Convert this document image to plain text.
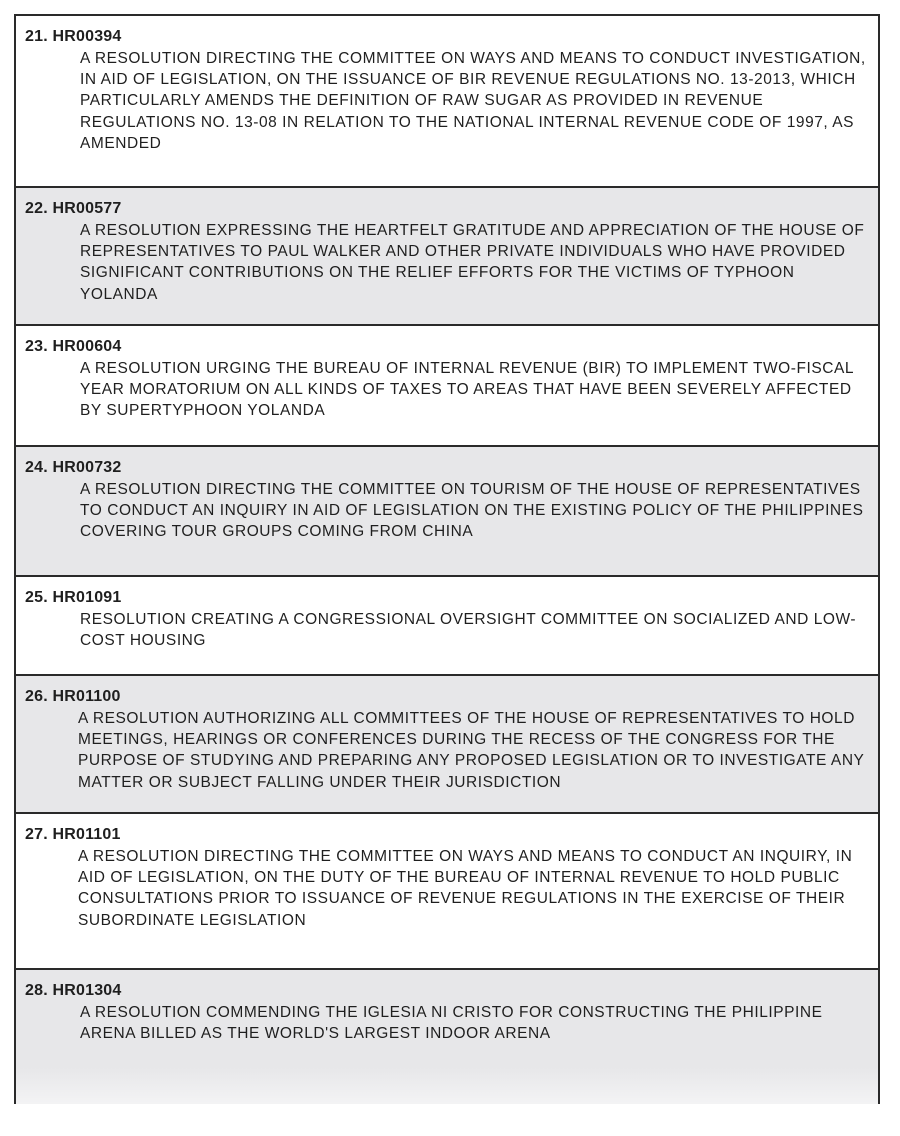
21. HR00394
A RESOLUTION DIRECTING THE COMMITTEE ON WAYS AND MEANS TO CONDUCT INVESTIGATION, IN AID OF LEGISLATION, ON THE ISSUANCE OF BIR REVENUE REGULATIONS NO. 13-2013, WHICH PARTICULARLY AMENDS THE DEFINITION OF RAW SUGAR AS PROVIDED IN REVENUE REGULATIONS NO. 13-08 IN RELATION TO THE NATIONAL INTERNAL REVENUE CODE OF 1997, AS AMENDED
22. HR00577
A RESOLUTION EXPRESSING THE HEARTFELT GRATITUDE AND APPRECIATION OF THE HOUSE OF REPRESENTATIVES TO PAUL WALKER AND OTHER PRIVATE INDIVIDUALS WHO HAVE PROVIDED SIGNIFICANT CONTRIBUTIONS ON THE RELIEF EFFORTS FOR THE VICTIMS OF TYPHOON YOLANDA
23. HR00604
A RESOLUTION URGING THE BUREAU OF INTERNAL REVENUE (BIR) TO IMPLEMENT TWO-FISCAL YEAR MORATORIUM ON ALL KINDS OF TAXES TO AREAS THAT HAVE BEEN SEVERELY AFFECTED BY SUPERTYPHOON YOLANDA
24. HR00732
A RESOLUTION DIRECTING THE COMMITTEE ON TOURISM OF THE HOUSE OF REPRESENTATIVES TO CONDUCT AN INQUIRY IN AID OF LEGISLATION ON THE EXISTING POLICY OF THE PHILIPPINES COVERING TOUR GROUPS COMING FROM CHINA
25. HR01091
RESOLUTION CREATING A CONGRESSIONAL OVERSIGHT COMMITTEE ON SOCIALIZED AND LOW-COST HOUSING
26. HR01100
A RESOLUTION AUTHORIZING ALL COMMITTEES OF THE HOUSE OF REPRESENTATIVES TO HOLD MEETINGS, HEARINGS OR CONFERENCES DURING THE RECESS OF THE CONGRESS FOR THE PURPOSE OF STUDYING AND PREPARING ANY PROPOSED LEGISLATION OR TO INVESTIGATE ANY MATTER OR SUBJECT FALLING UNDER THEIR JURISDICTION
27. HR01101
A RESOLUTION DIRECTING THE COMMITTEE ON WAYS AND MEANS TO CONDUCT AN INQUIRY, IN AID OF LEGISLATION, ON THE DUTY OF THE BUREAU OF INTERNAL REVENUE TO HOLD PUBLIC CONSULTATIONS PRIOR TO ISSUANCE OF REVENUE REGULATIONS IN THE EXERCISE OF THEIR SUBORDINATE LEGISLATION
28. HR01304
A RESOLUTION COMMENDING THE IGLESIA NI CRISTO FOR CONSTRUCTING THE PHILIPPINE ARENA BILLED AS THE WORLD'S LARGEST INDOOR ARENA
